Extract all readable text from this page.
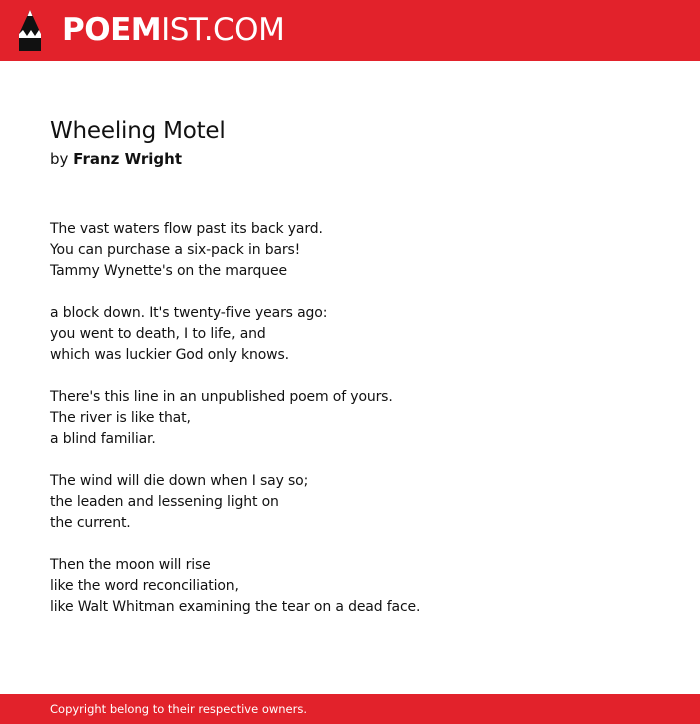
POEMIST.COM
Wheeling Motel
by Franz Wright
The vast waters flow past its back yard.
You can purchase a six-pack in bars!
Tammy Wynette's on the marquee
a block down. It's twenty-five years ago:
you went to death, I to life, and
which was luckier God only knows.
There's this line in an unpublished poem of yours.
The river is like that,
a blind familiar.
The wind will die down when I say so;
the leaden and lessening light on
the current.
Then the moon will rise
like the word reconciliation,
like Walt Whitman examining the tear on a dead face.
Copyright belong to their respective owners.
